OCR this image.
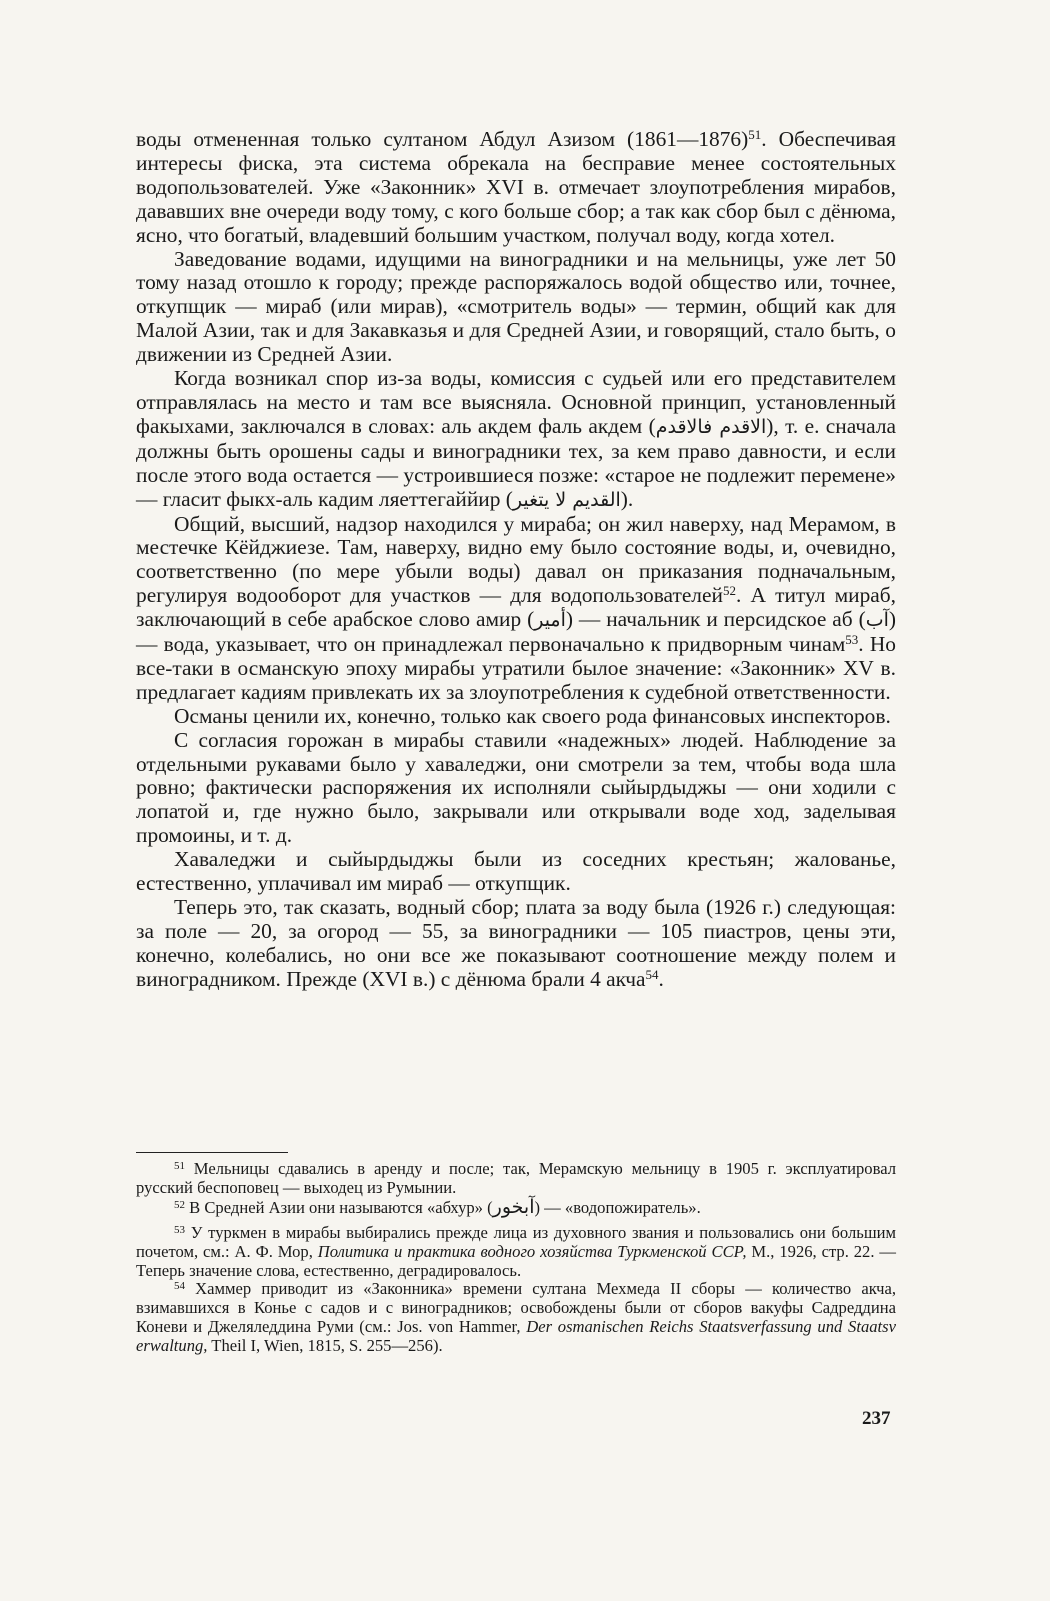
воды отмененная только султаном Абдул Азизом (1861—1876)$^{51}$. Обеспечивая интересы фиска, эта система обрекала на бесправие менее состоятельных водопользователей. Уже «Законник» XVI в. отмечает злоупотребления мирабов, дававших вне очереди воду тому, с кого больше сбор; а так как сбор был с дёнюма, ясно, что богатый, владевший большим участком, получал воду, когда хотел.

Заведование водами, идущими на виноградники и на мельницы, уже лет 50 тому назад отошло к городу; прежде распоряжалось водой общество или, точнее, откупщик — мираб (или мирав), «смотритель воды» — термин, общий как для Малой Азии, так и для Закавказья и для Средней Азии, и говорящий, стало быть, о движении из Средней Азии.

Когда возникал спор из-за воды, комиссия с судьей или его представителем отправлялась на место и там все выясняла. Основной принцип, установленный факыхами, заключался в словах: аль акдем фаль акдем (الاقدم فالاقدم), т. е. сначала должны быть орошены сады и виноградники тех, за кем право давности, и если после этого вода остается — устроившиеся позже: «старое не подлежит перемене» — гласит фыкх-аль кадим ляеттегаййир (القديم لا يتغير).

Общий, высший, надзор находился у мираба; он жил наверху, над Мерамом, в местечке Кёйджиезе. Там, наверху, видно ему было состояние воды, и, очевидно, соответственно (по мере убыли воды) давал он приказания подначальным, регулируя водооборот для участков — для водопользователей$^{52}$. А титул мираб, заключающий в себе арабское слово амир (أمير) — начальник и персидское аб (آب) — вода, указывает, что он принадлежал первоначально к придворным чинам$^{53}$. Но все-таки в османскую эпоху мирабы утратили былое значение: «Законник» XV в. предлагает кадиям привлекать их за злоупотребления к судебной ответственности.

Османы ценили их, конечно, только как своего рода финансовых инспекторов.

С согласия горожан в мирабы ставили «надежных» людей. Наблюдение за отдельными рукавами было у хаваледжи, они смотрели за тем, чтобы вода шла ровно; фактически распоряжения их исполняли сыйырдыджы — они ходили с лопатой и, где нужно было, закрывали или открывали воде ход, заделывая промоины, и т. д.

Хаваледжи и сыйырдыджы были из соседних крестьян; жалованье, естественно, уплачивал им мираб — откупщик.

Теперь это, так сказать, водный сбор; плата за воду была (1926 г.) следующая: за поле — 20, за огород — 55, за виноградники — 105 пиастров, цены эти, конечно, колебались, но они все же показывают соотношение между полем и виноградником. Прежде (XVI в.) с дёнюма брали 4 акча$^{54}$.

$^{51}$ Мельницы сдавались в аренду и после; так, Мерамскую мельницу в 1905 г. эксплуатировал русский беспоповец — выходец из Румынии.

$^{52}$ В Средней Азии они называются «абхур» (آبخور) — «водопожиратель».

$^{53}$ У туркмен в мирабы выбирались прежде лица из духовного звания и пользовались они большим почетом, см.: А. Ф. Мор, Политика и практика водного хозяйства Туркменской ССР, М., 1926, стр. 22. — Теперь значение слова, естественно, деградировалось.

$^{54}$ Хаммер приводит из «Законника» времени султана Мехмеда II сборы — количество акча, взимавшихся в Конье с садов и с виноградников; освобождены были от сборов вакуфы Садреддина Коневи и Джеляледдина Руми (см.: Jos. von Hammer, Der osmanischen Reichs Staatsverfassung und Staatsv erwaltung, Theil I, Wien, 1815, S. 255—256).

237
